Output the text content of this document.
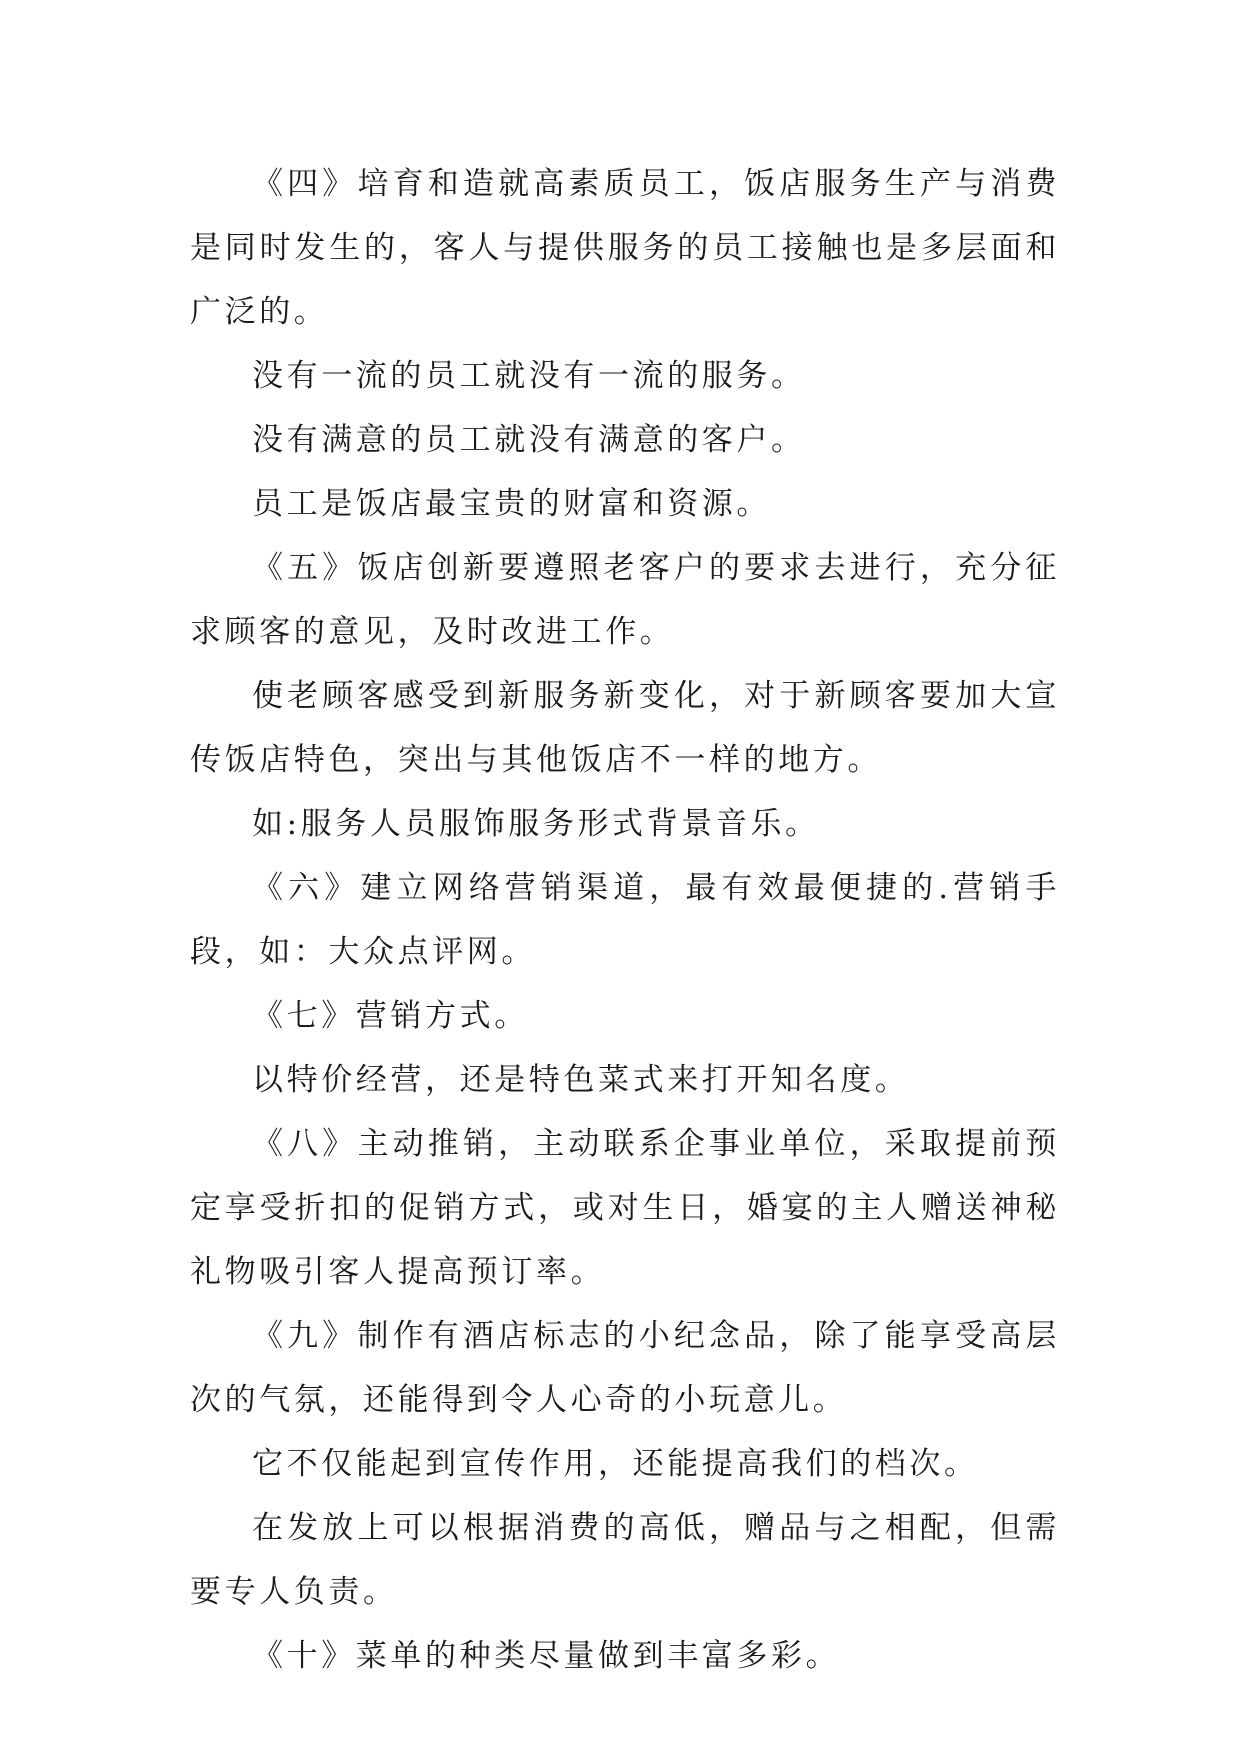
《四》培育和造就高素质员工，饭店服务生产与消费是同时发生的，客人与提供服务的员工接触也是多层面和广泛的。

没有一流的员工就没有一流的服务。

没有满意的员工就没有满意的客户。

员工是饭店最宝贵的财富和资源。

《五》饭店创新要遵照老客户的要求去进行，充分征求顾客的意见，及时改进工作。

使老顾客感受到新服务新变化，对于新顾客要加大宣传饭店特色，突出与其他饭店不一样的地方。

如:服务人员服饰服务形式背景音乐。

《六》建立网络营销渠道，最有效最便捷的.营销手段，如：大众点评网。

《七》营销方式。

以特价经营，还是特色菜式来打开知名度。

《八》主动推销，主动联系企事业单位，采取提前预定享受折扣的促销方式，或对生日，婚宴的主人赠送神秘礼物吸引客人提高预订率。

《九》制作有酒店标志的小纪念品，除了能享受高层次的气氛，还能得到令人心奇的小玩意儿。

它不仅能起到宣传作用，还能提高我们的档次。

在发放上可以根据消费的高低，赠品与之相配，但需要专人负责。

《十》菜单的种类尽量做到丰富多彩。
